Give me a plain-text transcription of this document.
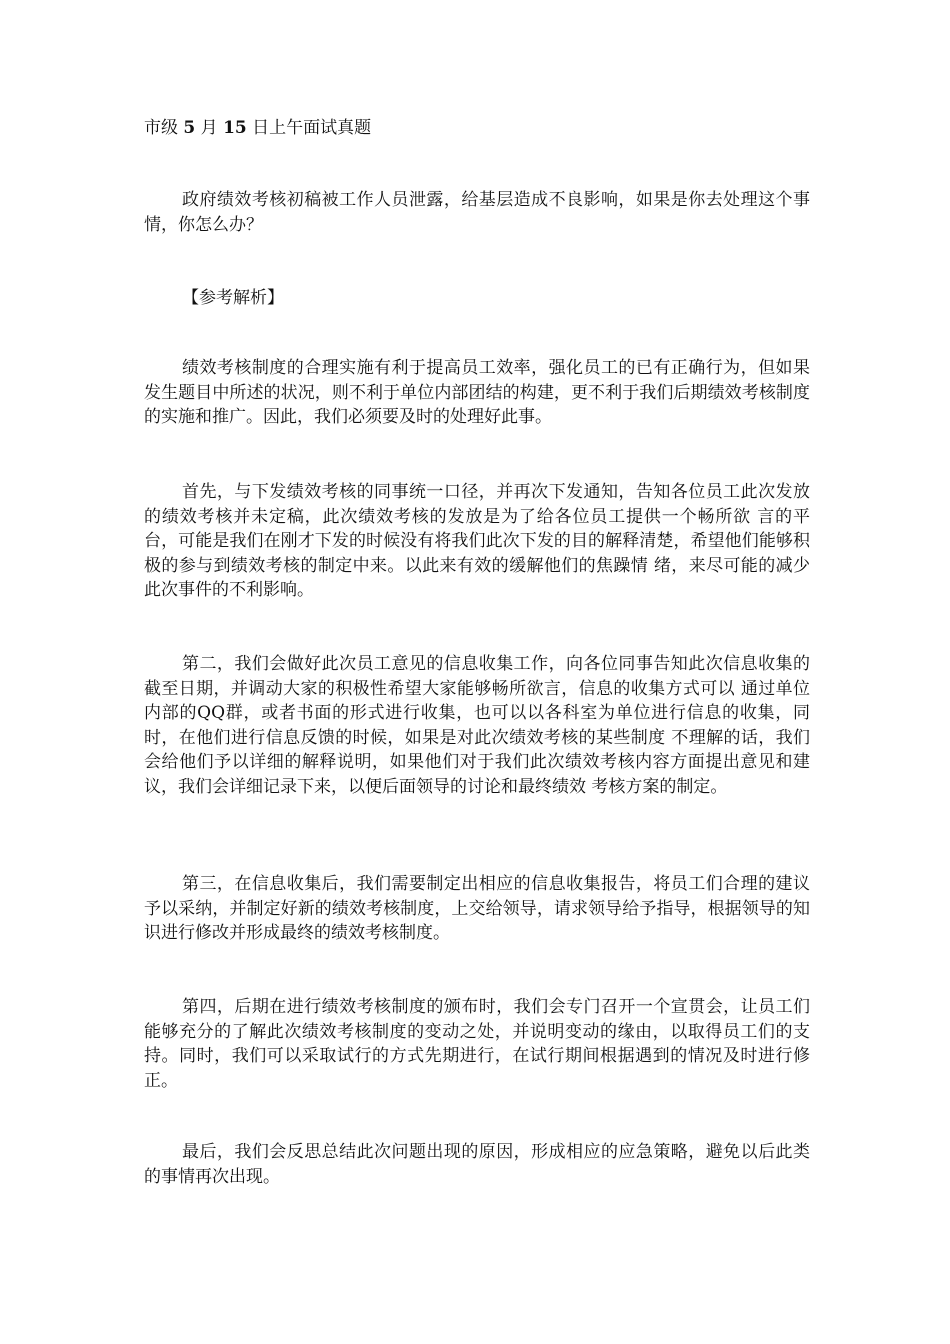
市级 5 月 15 日上午面试真题

政府绩效考核初稿被工作人员泄露，给基层造成不良影响，如果是你去处理这个事情，你怎么办？

【参考解析】

绩效考核制度的合理实施有利于提高员工效率，强化员工的已有正确行为，但如果发生题目中所述的状况，则不利于单位内部团结的构建，更不利于我们后期绩效考核制度的实施和推广。因此，我们必须要及时的处理好此事。

首先，与下发绩效考核的同事统一口径，并再次下发通知，告知各位员工此次发放的绩效考核并未定稿，此次绩效考核的发放是为了给各位员工提供一个畅所欲 言的平台，可能是我们在刚才下发的时候没有将我们此次下发的目的解释清楚，希望他们能够积极的参与到绩效考核的制定中来。以此来有效的缓解他们的焦躁情 绪，来尽可能的减少此次事件的不利影响。

第二，我们会做好此次员工意见的信息收集工作，向各位同事告知此次信息收集的截至日期，并调动大家的积极性希望大家能够畅所欲言，信息的收集方式可以 通过单位内部的QQ群，或者书面的形式进行收集，也可以以各科室为单位进行信息的收集，同时，在他们进行信息反馈的时候，如果是对此次绩效考核的某些制度 不理解的话，我们会给他们予以详细的解释说明，如果他们对于我们此次绩效考核内容方面提出意见和建议，我们会详细记录下来，以便后面领导的讨论和最终绩效 考核方案的制定。

第三，在信息收集后，我们需要制定出相应的信息收集报告，将员工们合理的建议予以采纳，并制定好新的绩效考核制度，上交给领导，请求领导给予指导，根据领导的知识进行修改并形成最终的绩效考核制度。

第四，后期在进行绩效考核制度的颁布时，我们会专门召开一个宣贯会，让员工们能够充分的了解此次绩效考核制度的变动之处，并说明变动的缘由，以取得员工们的支持。同时，我们可以采取试行的方式先期进行，在试行期间根据遇到的情况及时进行修正。

最后，我们会反思总结此次问题出现的原因，形成相应的应急策略，避免以后此类的事情再次出现。
